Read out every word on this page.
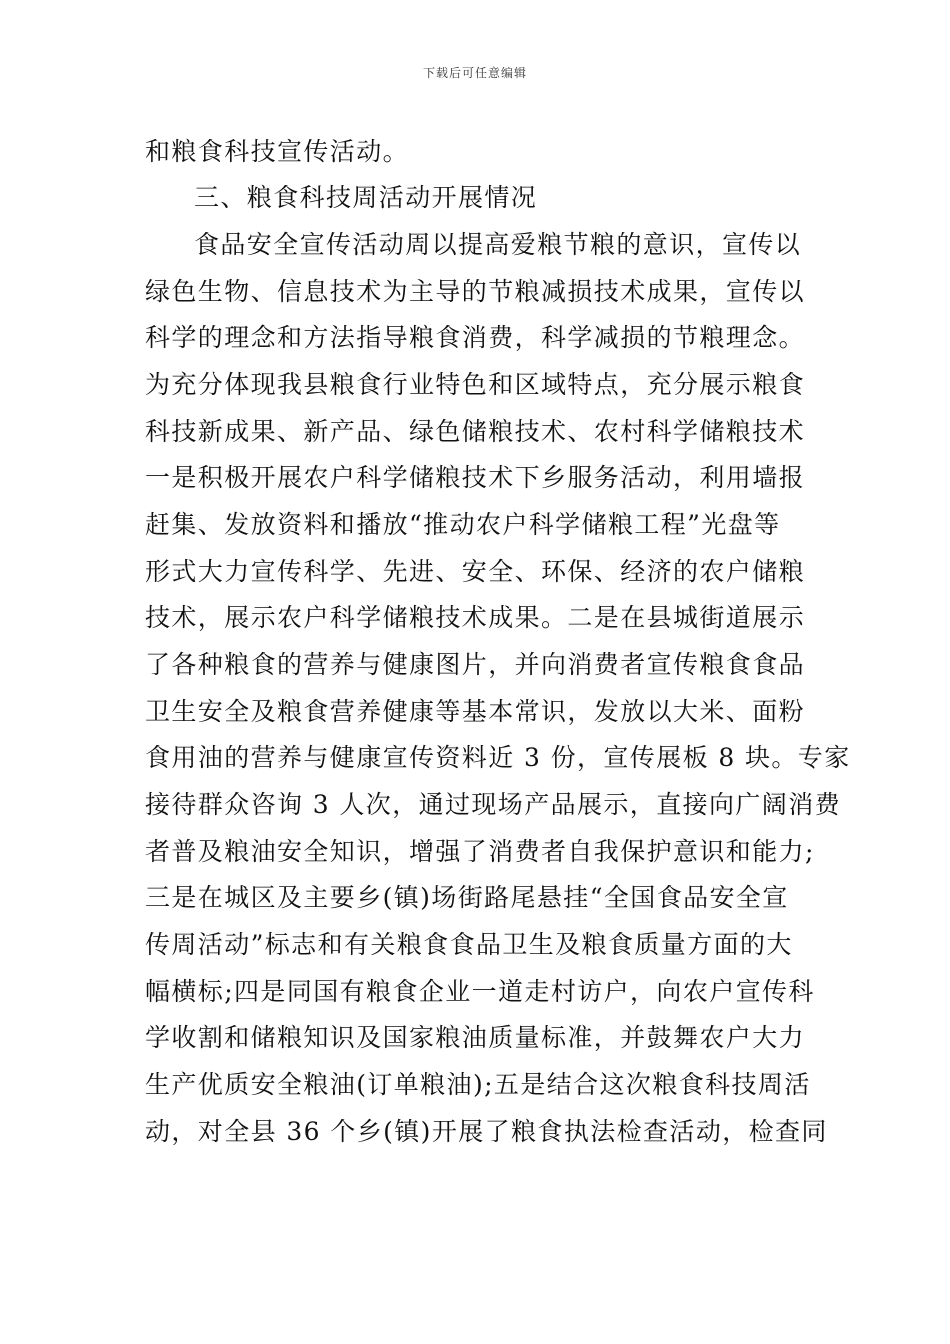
下载后可任意编辑
和粮食科技宣传活动。
三、粮食科技周活动开展情况
食品安全宣传活动周以提高爱粮节粮的意识，宣传以
绿色生物、信息技术为主导的节粮减损技术成果，宣传以
科学的理念和方法指导粮食消费，科学减损的节粮理念。
为充分体现我县粮食行业特色和区域特点，充分展示粮食
科技新成果、新产品、绿色储粮技术、农村科学储粮技术
一是积极开展农户科学储粮技术下乡服务活动，利用墙报
赶集、发放资料和播放“推动农户科学储粮工程”光盘等
形式大力宣传科学、先进、安全、环保、经济的农户储粮
技术，展示农户科学储粮技术成果。二是在县城街道展示
了各种粮食的营养与健康图片，并向消费者宣传粮食食品
卫生安全及粮食营养健康等基本常识，发放以大米、面粉
食用油的营养与健康宣传资料近 3 份，宣传展板 8 块。专家
接待群众咨询 3 人次，通过现场产品展示，直接向广阔消费
者普及粮油安全知识，增强了消费者自我保护意识和能力;
三是在城区及主要乡(镇)场街路尾悬挂“全国食品安全宣
传周活动”标志和有关粮食食品卫生及粮食质量方面的大
幅横标;四是同国有粮食企业一道走村访户，向农户宣传科
学收割和储粮知识及国家粮油质量标准，并鼓舞农户大力
生产优质安全粮油(订单粮油);五是结合这次粮食科技周活
动，对全县 36 个乡(镇)开展了粮食执法检查活动，检查同
